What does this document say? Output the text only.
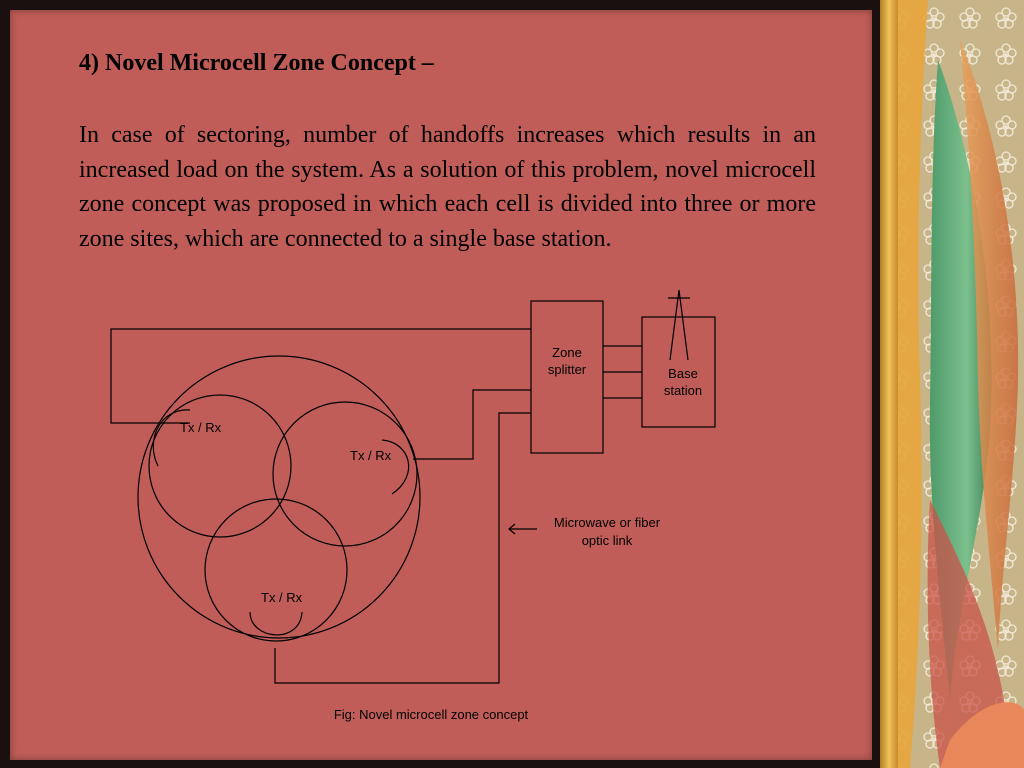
4) Novel Microcell Zone Concept –

In case of sectoring, number of handoffs increases which results in an increased load on the system. As a solution of this problem, novel microcell zone concept was proposed in which each cell is divided into three or more zone sites, which are connected to a single base station.

Zone
splitter	Base
station
Tx / Rx
Tx / Rx
Tx / Rx
Microwave or fiber
optic link
Fig: Novel microcell zone concept
